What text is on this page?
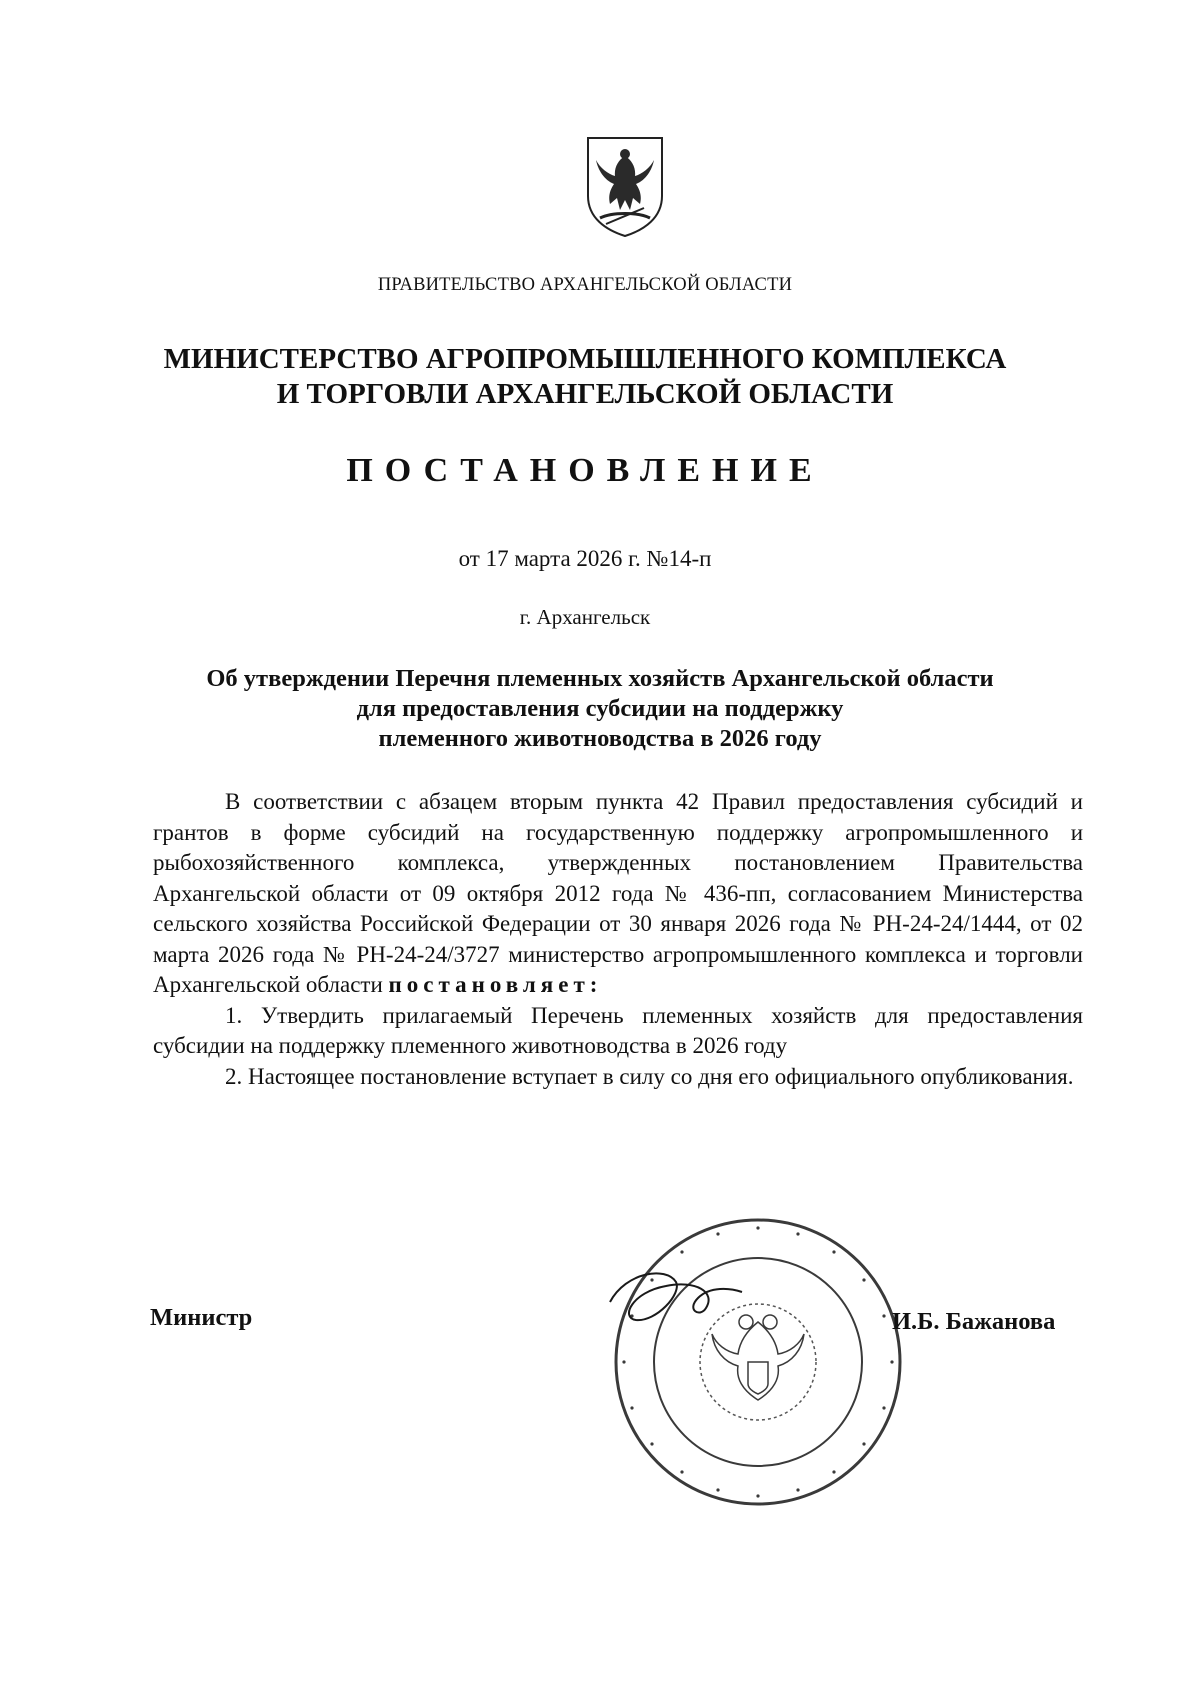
ПРАВИТЕЛЬСТВО АРХАНГЕЛЬСКОЙ ОБЛАСТИ
МИНИСТЕРСТВО АГРОПРОМЫШЛЕННОГО КОМПЛЕКСА
И ТОРГОВЛИ АРХАНГЕЛЬСКОЙ ОБЛАСТИ
ПОСТАНОВЛЕНИЕ
от 17 марта 2026 г. №14-п
г. Архангельск
Об утверждении Перечня племенных хозяйств Архангельской области
для предоставления субсидии на поддержку
племенного животноводства в 2026 году

В соответствии с абзацем вторым пункта 42 Правил предоставления субсидий и грантов в форме субсидий на государственную поддержку агропромышленного и рыбохозяйственного комплекса, утвержденных постановлением Правительства Архангельской области от 09 октября 2012 года № 436-пп, согласованием Министерства сельского хозяйства Российской Федерации от 30 января 2026 года № РН-24-24/1444, от 02 марта 2026 года № РН-24-24/3727 министерство агропромышленного комплекса и торговли Архангельской области постановляет:

1. Утвердить прилагаемый Перечень племенных хозяйств для предоставления субсидии на поддержку племенного животноводства в 2026 году

2. Настоящее постановление вступает в силу со дня его официального опубликования.

Министр	И.Б. Бажанова
